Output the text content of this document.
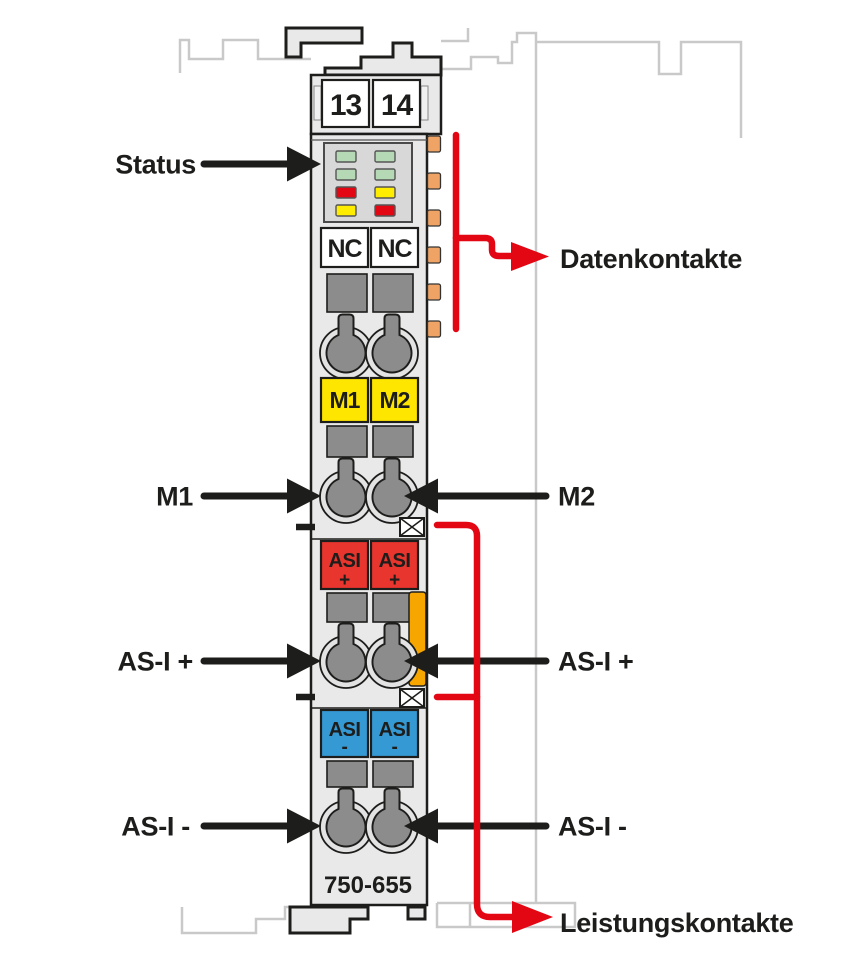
13 14
NC NC
M1 M2
ASI ASI
+ +
ASI ASI
- -
750-655
Status
M1	M2
AS-I +	AS-I +
AS-I -	AS-I -
Datenkontakte
Leistungskontakte
